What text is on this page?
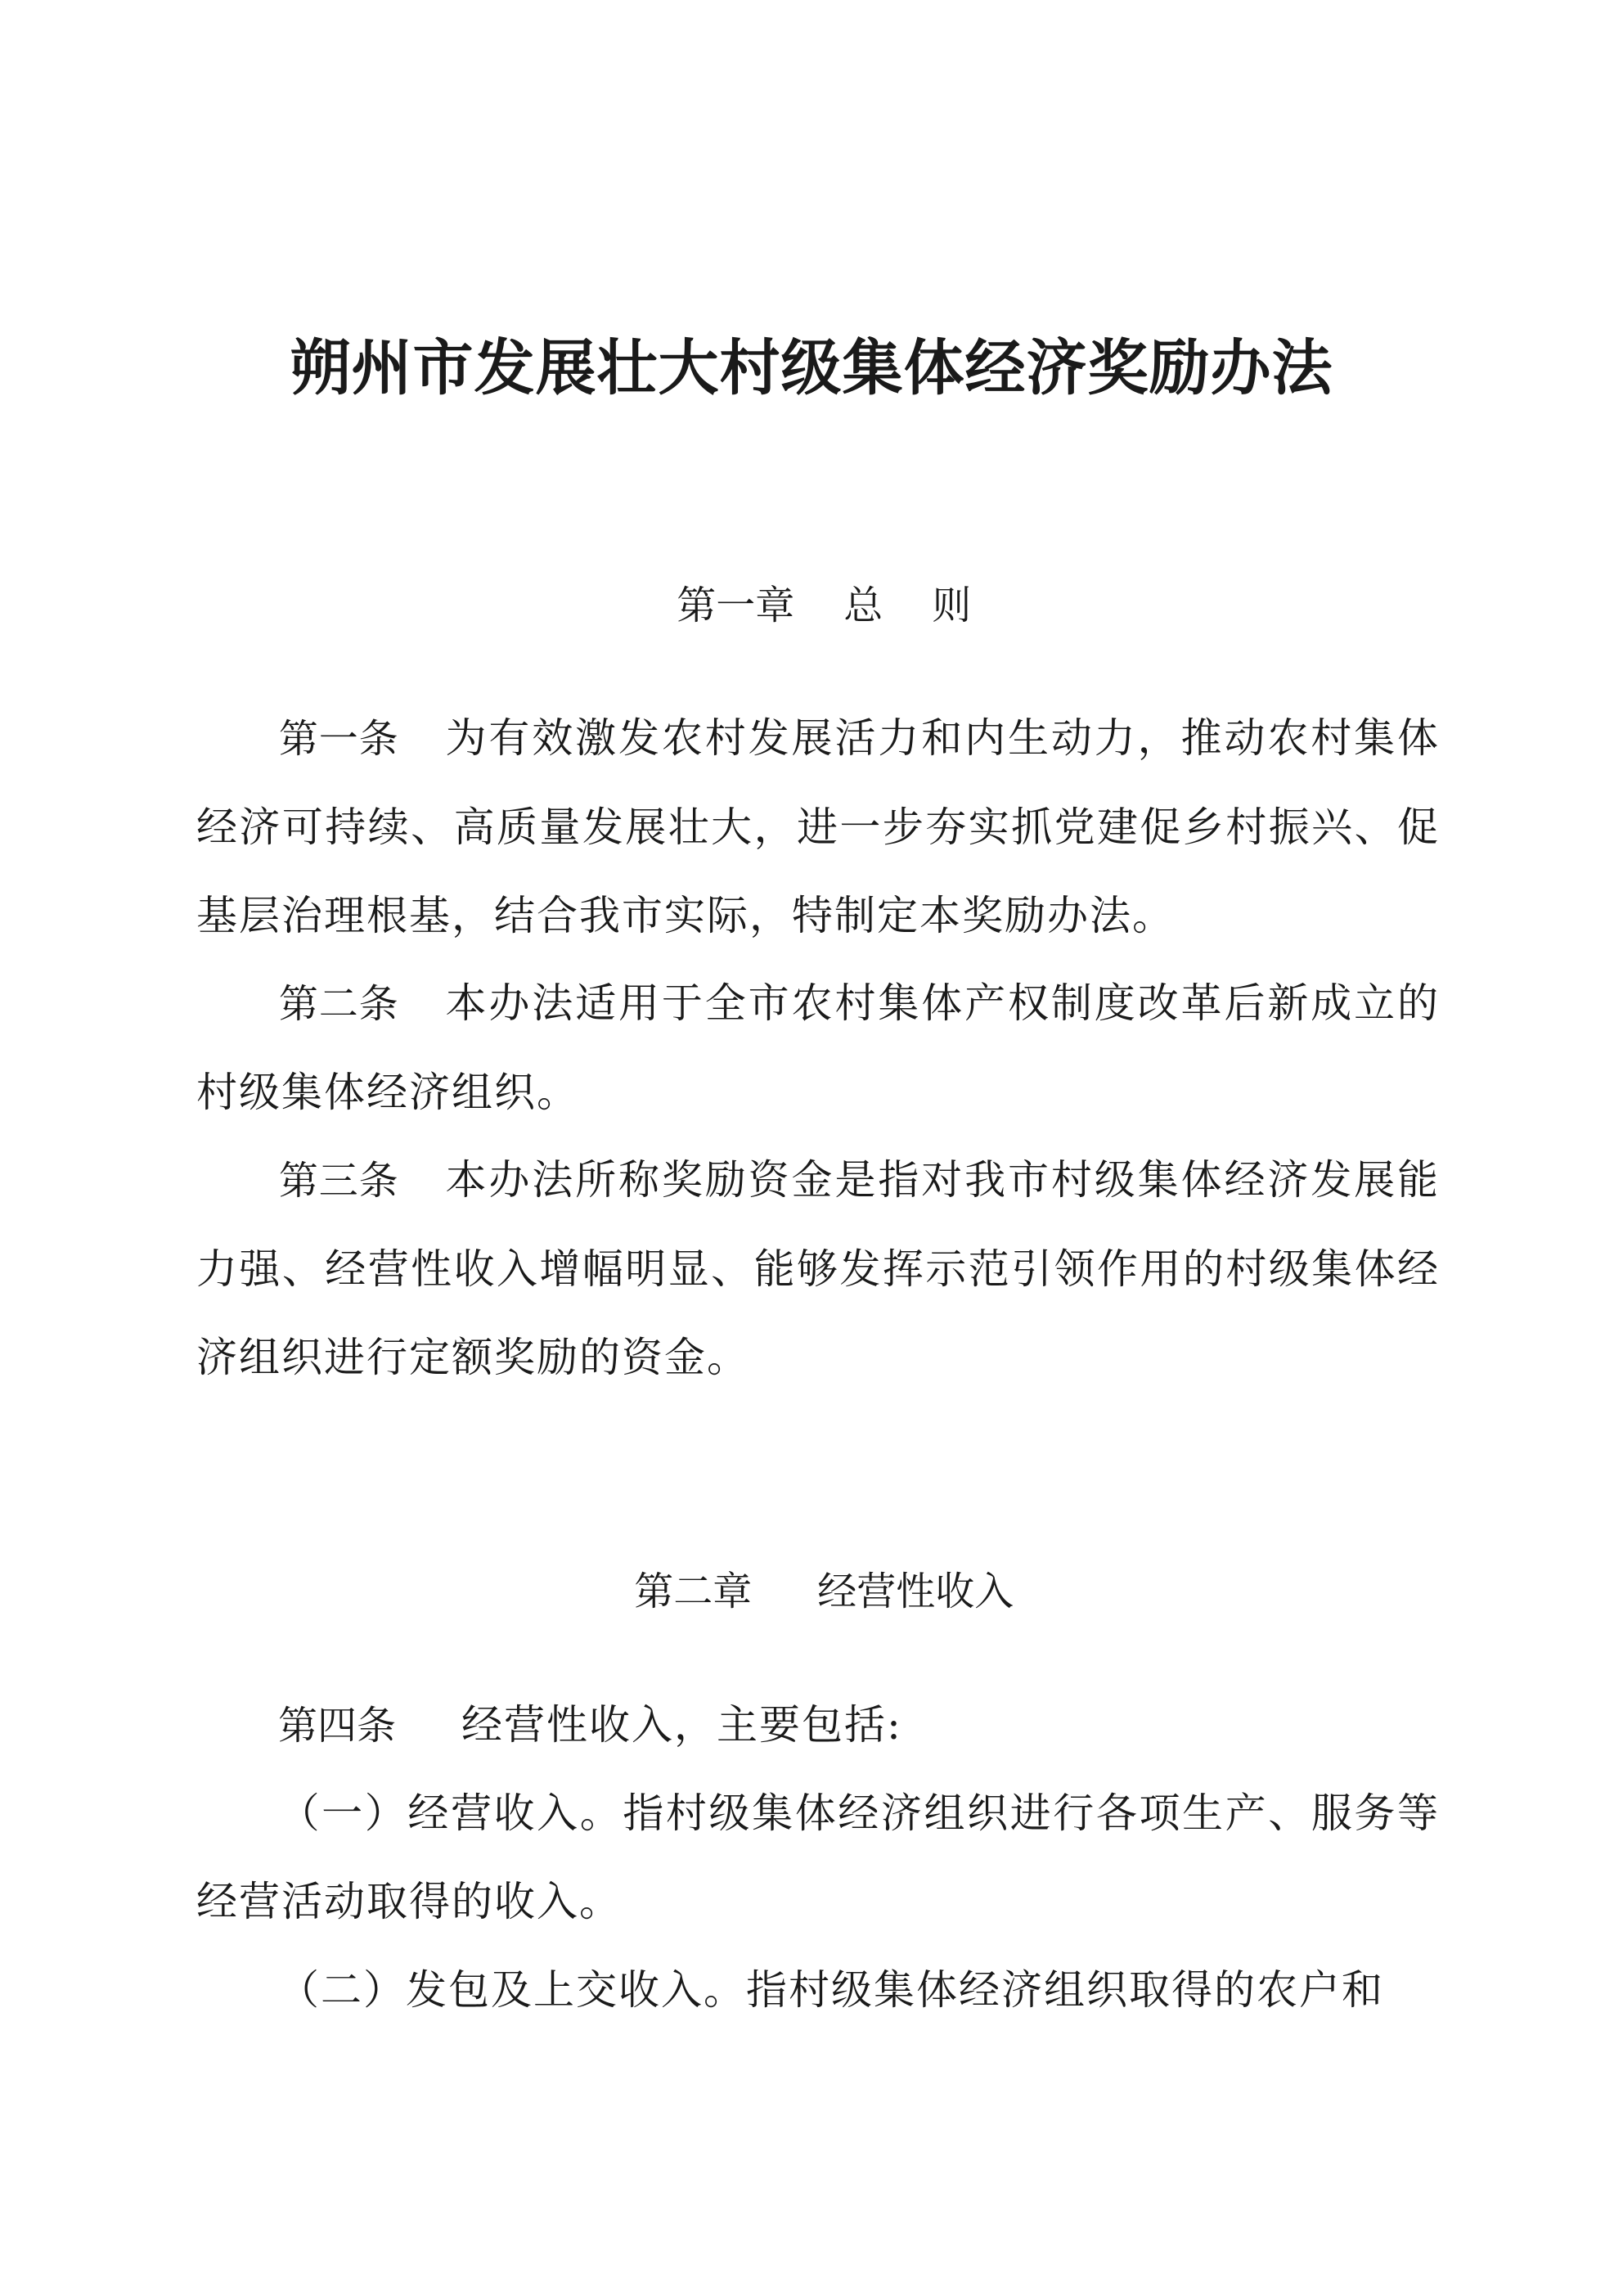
朔州市发展壮大村级集体经济奖励办法

第一章 总 则

第一条 为有效激发农村发展活力和内生动力，推动农村集体经济可持续、高质量发展壮大，进一步夯实抓党建促乡村振兴、促基层治理根基，结合我市实际，特制定本奖励办法。

第二条 本办法适用于全市农村集体产权制度改革后新成立的村级集体经济组织。

第三条 本办法所称奖励资金是指对我市村级集体经济发展能力强、经营性收入增幅明显、能够发挥示范引领作用的村级集体经济组织进行定额奖励的资金。

第二章 经营性收入

第四条 经营性收入，主要包括:

（一）经营收入。指村级集体经济组织进行各项生产、服务等经营活动取得的收入。

（二）发包及上交收入。指村级集体经济组织取得的农户和
